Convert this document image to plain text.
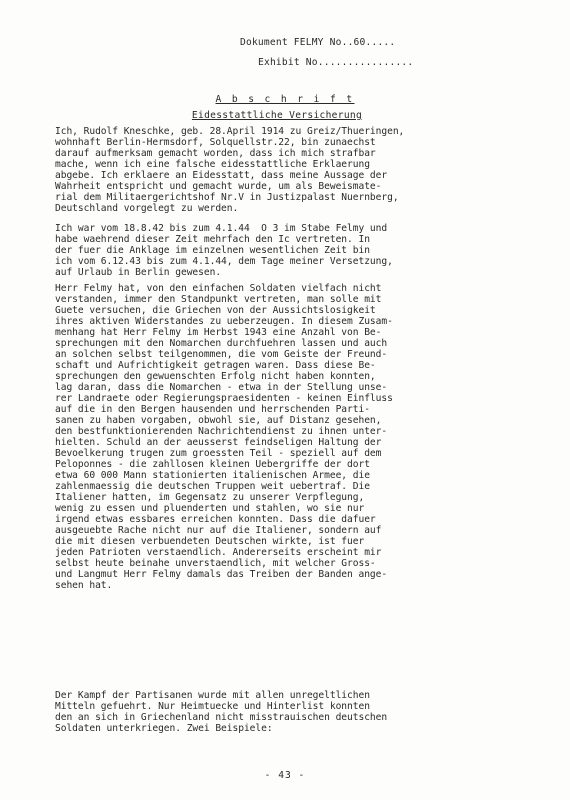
Dokument FELMY No..60.....
Exhibit No................
A b s c h r i f t
Eidesstattliche Versicherung
Ich, Rudolf Kneschke, geb. 28.April 1914 zu Greiz/Thueringen,
wohnhaft Berlin-Hermsdorf, Solquellstr.22, bin zunaechst
darauf aufmerksam gemacht worden, dass ich mich strafbar
mache, wenn ich eine falsche eidesstattliche Erklaerung
abgebe. Ich erklaere an Eidesstatt, dass meine Aussage der
Wahrheit entspricht und gemacht wurde, um als Beweismate-
rial dem Militaergerichtshof Nr.V in Justizpalast Nuernberg,
Deutschland vorgelegt zu werden.
Ich war vom 18.8.42 bis zum 4.1.44  O 3 im Stabe Felmy und
habe waehrend dieser Zeit mehrfach den Ic vertreten. In
der fuer die Anklage im einzelnen wesentlichen Zeit bin
ich vom 6.12.43 bis zum 4.1.44, dem Tage meiner Versetzung,
auf Urlaub in Berlin gewesen.
Herr Felmy hat, von den einfachen Soldaten vielfach nicht
verstanden, immer den Standpunkt vertreten, man solle mit
Guete versuchen, die Griechen von der Aussichtslosigkeit
ihres aktiven Widerstandes zu ueberzeugen. In diesem Zusam-
menhang hat Herr Felmy im Herbst 1943 eine Anzahl von Be-
sprechungen mit den Nomarchen durchfuehren lassen und auch
an solchen selbst teilgenommen, die vom Geiste der Freund-
schaft und Aufrichtigkeit getragen waren. Dass diese Be-
sprechungen den gewuenschten Erfolg nicht haben konnten,
lag daran, dass die Nomarchen - etwa in der Stellung unse-
rer Landraete oder Regierungspraesidenten - keinen Einfluss
auf die in den Bergen hausenden und herrschenden Parti-
sanen zu haben vorgaben, obwohl sie, auf Distanz gesehen,
den bestfunktionierenden Nachrichtendienst zu ihnen unter-
hielten. Schuld an der aeusserst feindseligen Haltung der
Bevoelkerung trugen zum groessten Teil - speziell auf dem
Peloponnes - die zahllosen kleinen Uebergriffe der dort
etwa 60 000 Mann stationierten italienischen Armee, die
zahlenmaessig die deutschen Truppen weit uebertraf. Die
Italiener hatten, im Gegensatz zu unserer Verpflegung,
wenig zu essen und pluenderten und stahlen, wo sie nur
irgend etwas essbares erreichen konnten. Dass die dafuer
ausgeuebte Rache nicht nur auf die Italiener, sondern auf
die mit diesen verbuendeten Deutschen wirkte, ist fuer
jeden Patrioten verstaendlich. Andererseits erscheint mir
selbst heute beinahe unverstaendlich, mit welcher Gross-
und Langmut Herr Felmy damals das Treiben der Banden ange-
sehen hat.
Der Kampf der Partisanen wurde mit allen unregeltlichen
Mitteln gefuehrt. Nur Heimtuecke und Hinterlist konnten
den an sich in Griechenland nicht misstrauischen deutschen
Soldaten unterkriegen. Zwei Beispiele:
- 43 -
